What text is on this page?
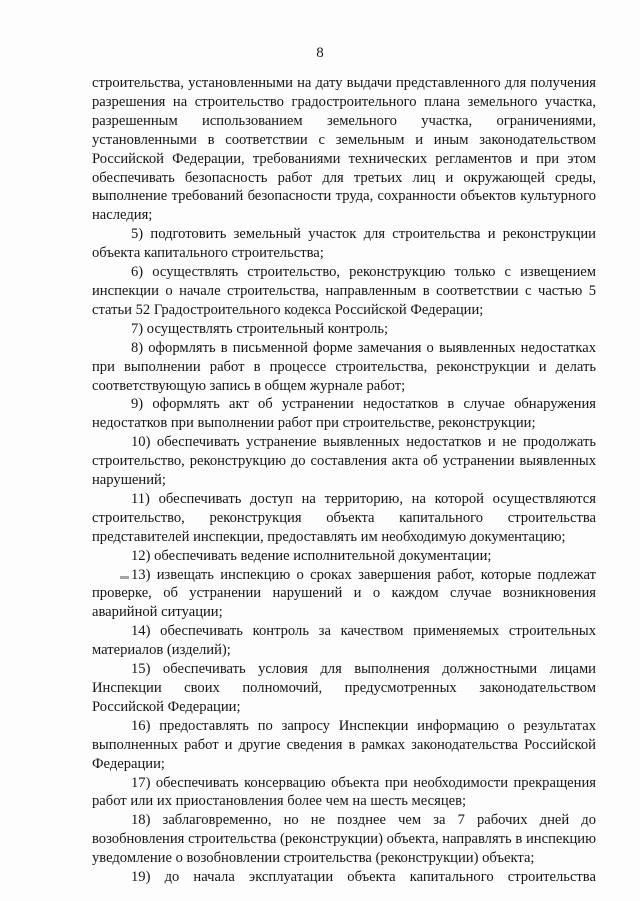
8

строительства, установленными на дату выдачи представленного для получения разрешения на строительство градостроительного плана земельного участка, разрешенным использованием земельного участка, ограничениями, установленными в соответствии с земельным и иным законодательством Российской Федерации, требованиями технических регламентов и при этом обеспечивать безопасность работ для третьих лиц и окружающей среды, выполнение требований безопасности труда, сохранности объектов культурного наследия;

5) подготовить земельный участок для строительства и реконструкции объекта капитального строительства;

6) осуществлять строительство, реконструкцию только с извещением инспекции о начале строительства, направленным в соответствии с частью 5 статьи 52 Градостроительного кодекса Российской Федерации;

7) осуществлять строительный контроль;

8) оформлять в письменной форме замечания о выявленных недостатках при выполнении работ в процессе строительства, реконструкции и делать соответствующую запись в общем журнале работ;

9) оформлять акт об устранении недостатков в случае обнаружения недостатков при выполнении работ при строительстве, реконструкции;

10) обеспечивать устранение выявленных недостатков и не продолжать строительство, реконструкцию до составления акта об устранении выявленных нарушений;

11) обеспечивать доступ на территорию, на которой осуществляются строительство, реконструкция объекта капитального строительства представителей инспекции, предоставлять им необходимую документацию;

12) обеспечивать ведение исполнительной документации;

13) извещать инспекцию о сроках завершения работ, которые подлежат проверке, об устранении нарушений и о каждом случае возникновения аварийной ситуации;

14) обеспечивать контроль за качеством применяемых строительных материалов (изделий);

15) обеспечивать условия для выполнения должностными лицами Инспекции своих полномочий, предусмотренных законодательством Российской Федерации;

16) предоставлять по запросу Инспекции информацию о результатах выполненных работ и другие сведения в рамках законодательства Российской Федерации;

17) обеспечивать консервацию объекта при необходимости прекращения работ или их приостановления более чем на шесть месяцев;

18) заблаговременно, но не позднее чем за 7 рабочих дней до возобновления строительства (реконструкции) объекта, направлять в инспекцию уведомление о возобновлении строительства (реконструкции) объекта;

19) до начала эксплуатации объекта капитального строительства
